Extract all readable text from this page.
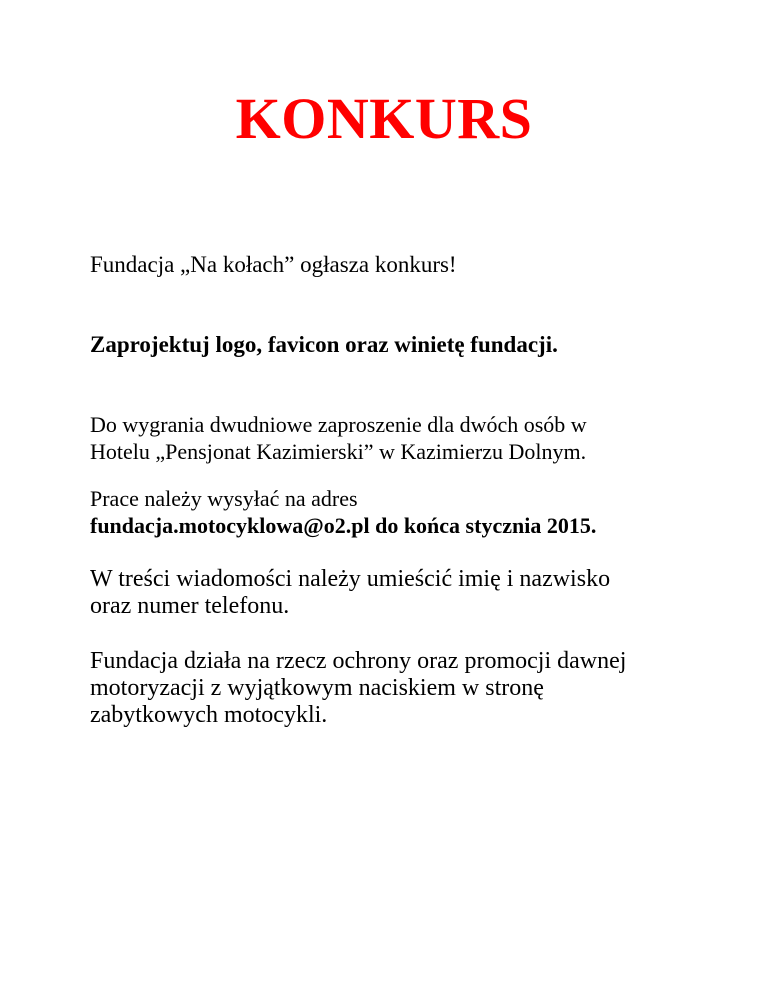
KONKURS

Fundacja „Na kołach” ogłasza konkurs!

Zaprojektuj logo, favicon oraz winietę fundacji.

Do wygrania dwudniowe zaproszenie dla dwóch osób w
Hotelu „Pensjonat Kazimierski” w Kazimierzu Dolnym.

Prace należy wysyłać na adres
fundacja.motocyklowa@o2.pl do końca stycznia 2015.

W treści wiadomości należy umieścić imię i nazwisko
oraz numer telefonu.

Fundacja działa na rzecz ochrony oraz promocji dawnej
motoryzacji z wyjątkowym naciskiem w stronę
zabytkowych motocykli.
